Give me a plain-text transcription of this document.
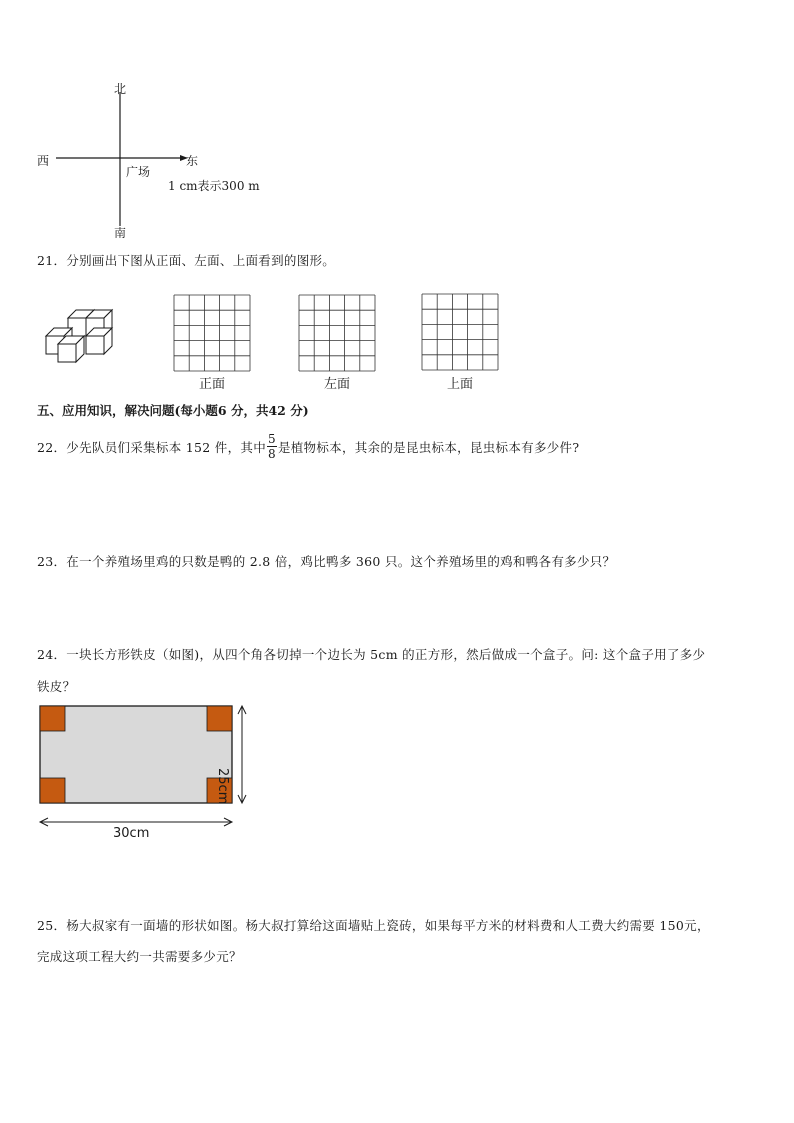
北
南
西	东
广场
1 cm表示300 m
21．分别画出下图从正面、左面、上面看到的图形。
正面	左面	上面
五、应用知识，解决问题(每小题6 分，共42 分)
22．少先队员们采集标本 152 件，其中 $\frac{5}{8}$ 是植物标本，其余的是昆虫标本，昆虫标本有多少件?
23．在一个养殖场里鸡的只数是鸭的 2.8 倍，鸡比鸭多 360 只。这个养殖场里的鸡和鸭各有多少只？
24．一块长方形铁皮（如图)，从四个角各切掉一个边长为 5cm 的正方形，然后做成一个盒子。问: 这个盒子用了多少
铁皮？
30cm
25cm
25．杨大叔家有一面墙的形状如图。杨大叔打算给这面墙贴上瓷砖，如果每平方米的材料费和人工费大约需要 150元，
完成这项工程大约一共需要多少元？
